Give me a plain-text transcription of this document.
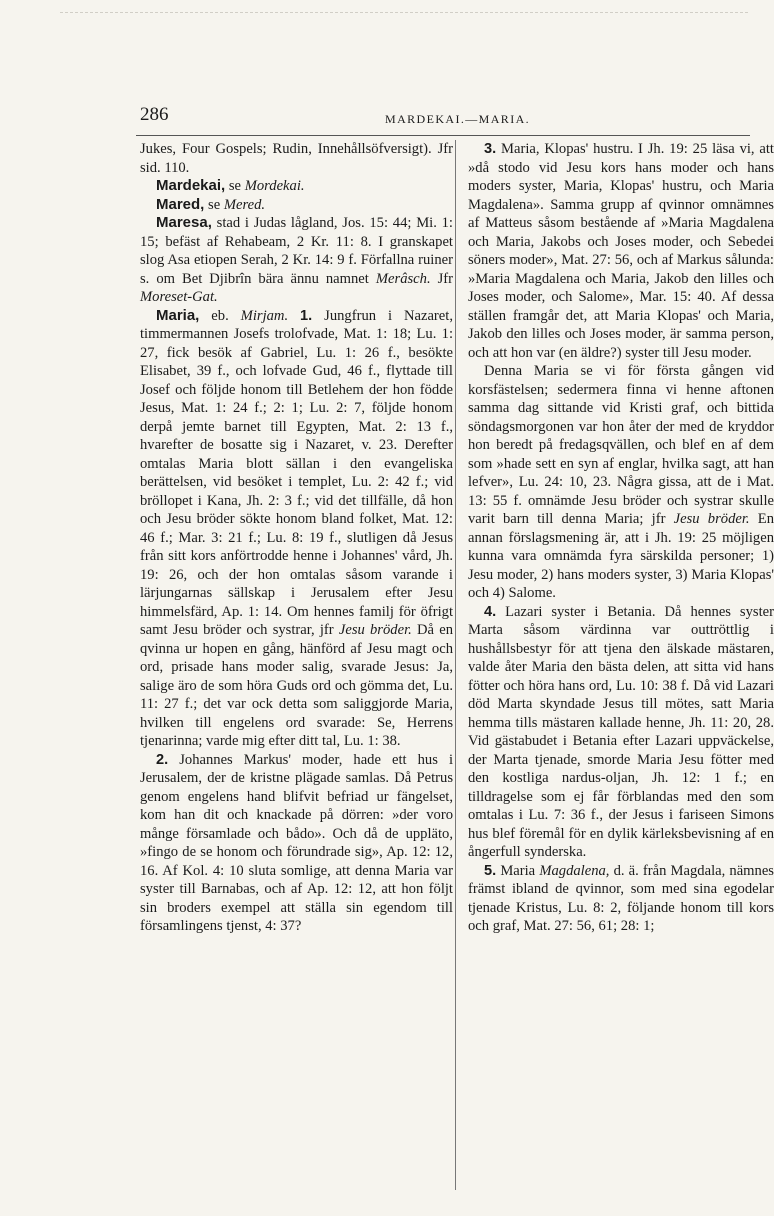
286	MARDEKAI.—MARIA.

Jukes, Four Gospels; Rudin, Innehållsöfversigt). Jfr sid. 110.

Mardekai, se Mordekai.

Mared, se Mered.

Maresa, stad i Judas lågland, Jos. 15: 44; Mi. 1: 15; befäst af Rehabeam, 2 Kr. 11: 8. I granskapet slog Asa etiopen Serah, 2 Kr. 14: 9 f. Förfallna ruiner s. om Bet Djibrîn bära ännu namnet Merâsch. Jfr Moreset-Gat.

Maria, eb. Mirjam. 1. Jungfrun i Nazaret, timmermannen Josefs trolofvade, Mat. 1: 18; Lu. 1: 27, fick besök af Gabriel, Lu. 1: 26 f., besökte Elisabet, 39 f., och lofvade Gud, 46 f., flyttade till Josef och följde honom till Betlehem der hon födde Jesus, Mat. 1: 24 f.; 2: 1; Lu. 2: 7, följde honom derpå jemte barnet till Egypten, Mat. 2: 13 f., hvarefter de bosatte sig i Nazaret, v. 23. Derefter omtalas Maria blott sällan i den evangeliska berättelsen, vid besöket i templet, Lu. 2: 42 f.; vid bröllopet i Kana, Jh. 2: 3 f.; vid det tillfälle, då hon och Jesu bröder sökte honom bland folket, Mat. 12: 46 f.; Mar. 3: 21 f.; Lu. 8: 19 f., slutligen då Jesus från sitt kors anförtrodde henne i Johannes' vård, Jh. 19: 26, och der hon omtalas såsom varande i lärjungarnas sällskap i Jerusalem efter Jesu himmelsfärd, Ap. 1: 14. Om hennes familj för öfrigt samt Jesu bröder och systrar, jfr Jesu bröder. Då en qvinna ur hopen en gång, hänförd af Jesu magt och ord, prisade hans moder salig, svarade Jesus: Ja, salige äro de som höra Guds ord och gömma det, Lu. 11: 27 f.; det var ock detta som saliggjorde Maria, hvilken till engelens ord svarade: Se, Herrens tjenarinna; varde mig efter ditt tal, Lu. 1: 38.

2. Johannes Markus' moder, hade ett hus i Jerusalem, der de kristne plägade samlas. Då Petrus genom engelens hand blifvit befriad ur fängelset, kom han dit och knackade på dörren: »der voro månge församlade och bådo». Och då de uppläto, »fingo de se honom och förundrade sig», Ap. 12: 12, 16. Af Kol. 4: 10 sluta somlige, att denna Maria var syster till Barnabas, och af Ap. 12: 12, att hon följt sin broders exempel att ställa sin egendom till församlingens tjenst, 4: 37?

3. Maria, Klopas' hustru. I Jh. 19: 25 läsa vi, att »då stodo vid Jesu kors hans moder och hans moders syster, Maria, Klopas' hustru, och Maria Magdalena». Samma grupp af qvinnor omnämnes af Matteus såsom bestående af »Maria Magdalena och Maria, Jakobs och Joses moder, och Sebedei söners moder», Mat. 27: 56, och af Markus sålunda: »Maria Magdalena och Maria, Jakob den lilles och Joses moder, och Salome», Mar. 15: 40. Af dessa ställen framgår det, att Maria Klopas' och Maria, Jakob den lilles och Joses moder, är samma person, och att hon var (en äldre?) syster till Jesu moder.

Denna Maria se vi för första gången vid korsfästelsen; sedermera finna vi henne aftonen samma dag sittande vid Kristi graf, och bittida söndagsmorgonen var hon åter der med de kryddor hon beredt på fredagsqvällen, och blef en af dem som »hade sett en syn af englar, hvilka sagt, att han lefver», Lu. 24: 10, 23. Några gissa, att de i Mat. 13: 55 f. omnämde Jesu bröder och systrar skulle varit barn till denna Maria; jfr Jesu bröder. En annan förslagsmening är, att i Jh. 19: 25 möjligen kunna vara omnämda fyra särskilda personer; 1) Jesu moder, 2) hans moders syster, 3) Maria Klopas' och 4) Salome.

4. Lazari syster i Betania. Då hennes syster Marta såsom värdinna var outtröttlig i hushållsbestyr för att tjena den älskade mästaren, valde åter Maria den bästa delen, att sitta vid hans fötter och höra hans ord, Lu. 10: 38 f. Då vid Lazari död Marta skyndade Jesus till mötes, satt Maria hemma tills mästaren kallade henne, Jh. 11: 20, 28. Vid gästabudet i Betania efter Lazari uppväckelse, der Marta tjenade, smorde Maria Jesu fötter med den kostliga nardus-oljan, Jh. 12: 1 f.; en tilldragelse som ej får förblandas med den som omtalas i Lu. 7: 36 f., der Jesus i fariseen Simons hus blef föremål för en dylik kärleksbevisning af en ångerfull synderska.

5. Maria Magdalena, d. ä. från Magdala, nämnes främst ibland de qvinnor, som med sina egodelar tjenade Kristus, Lu. 8: 2, följande honom till kors och graf, Mat. 27: 56, 61; 28: 1;
